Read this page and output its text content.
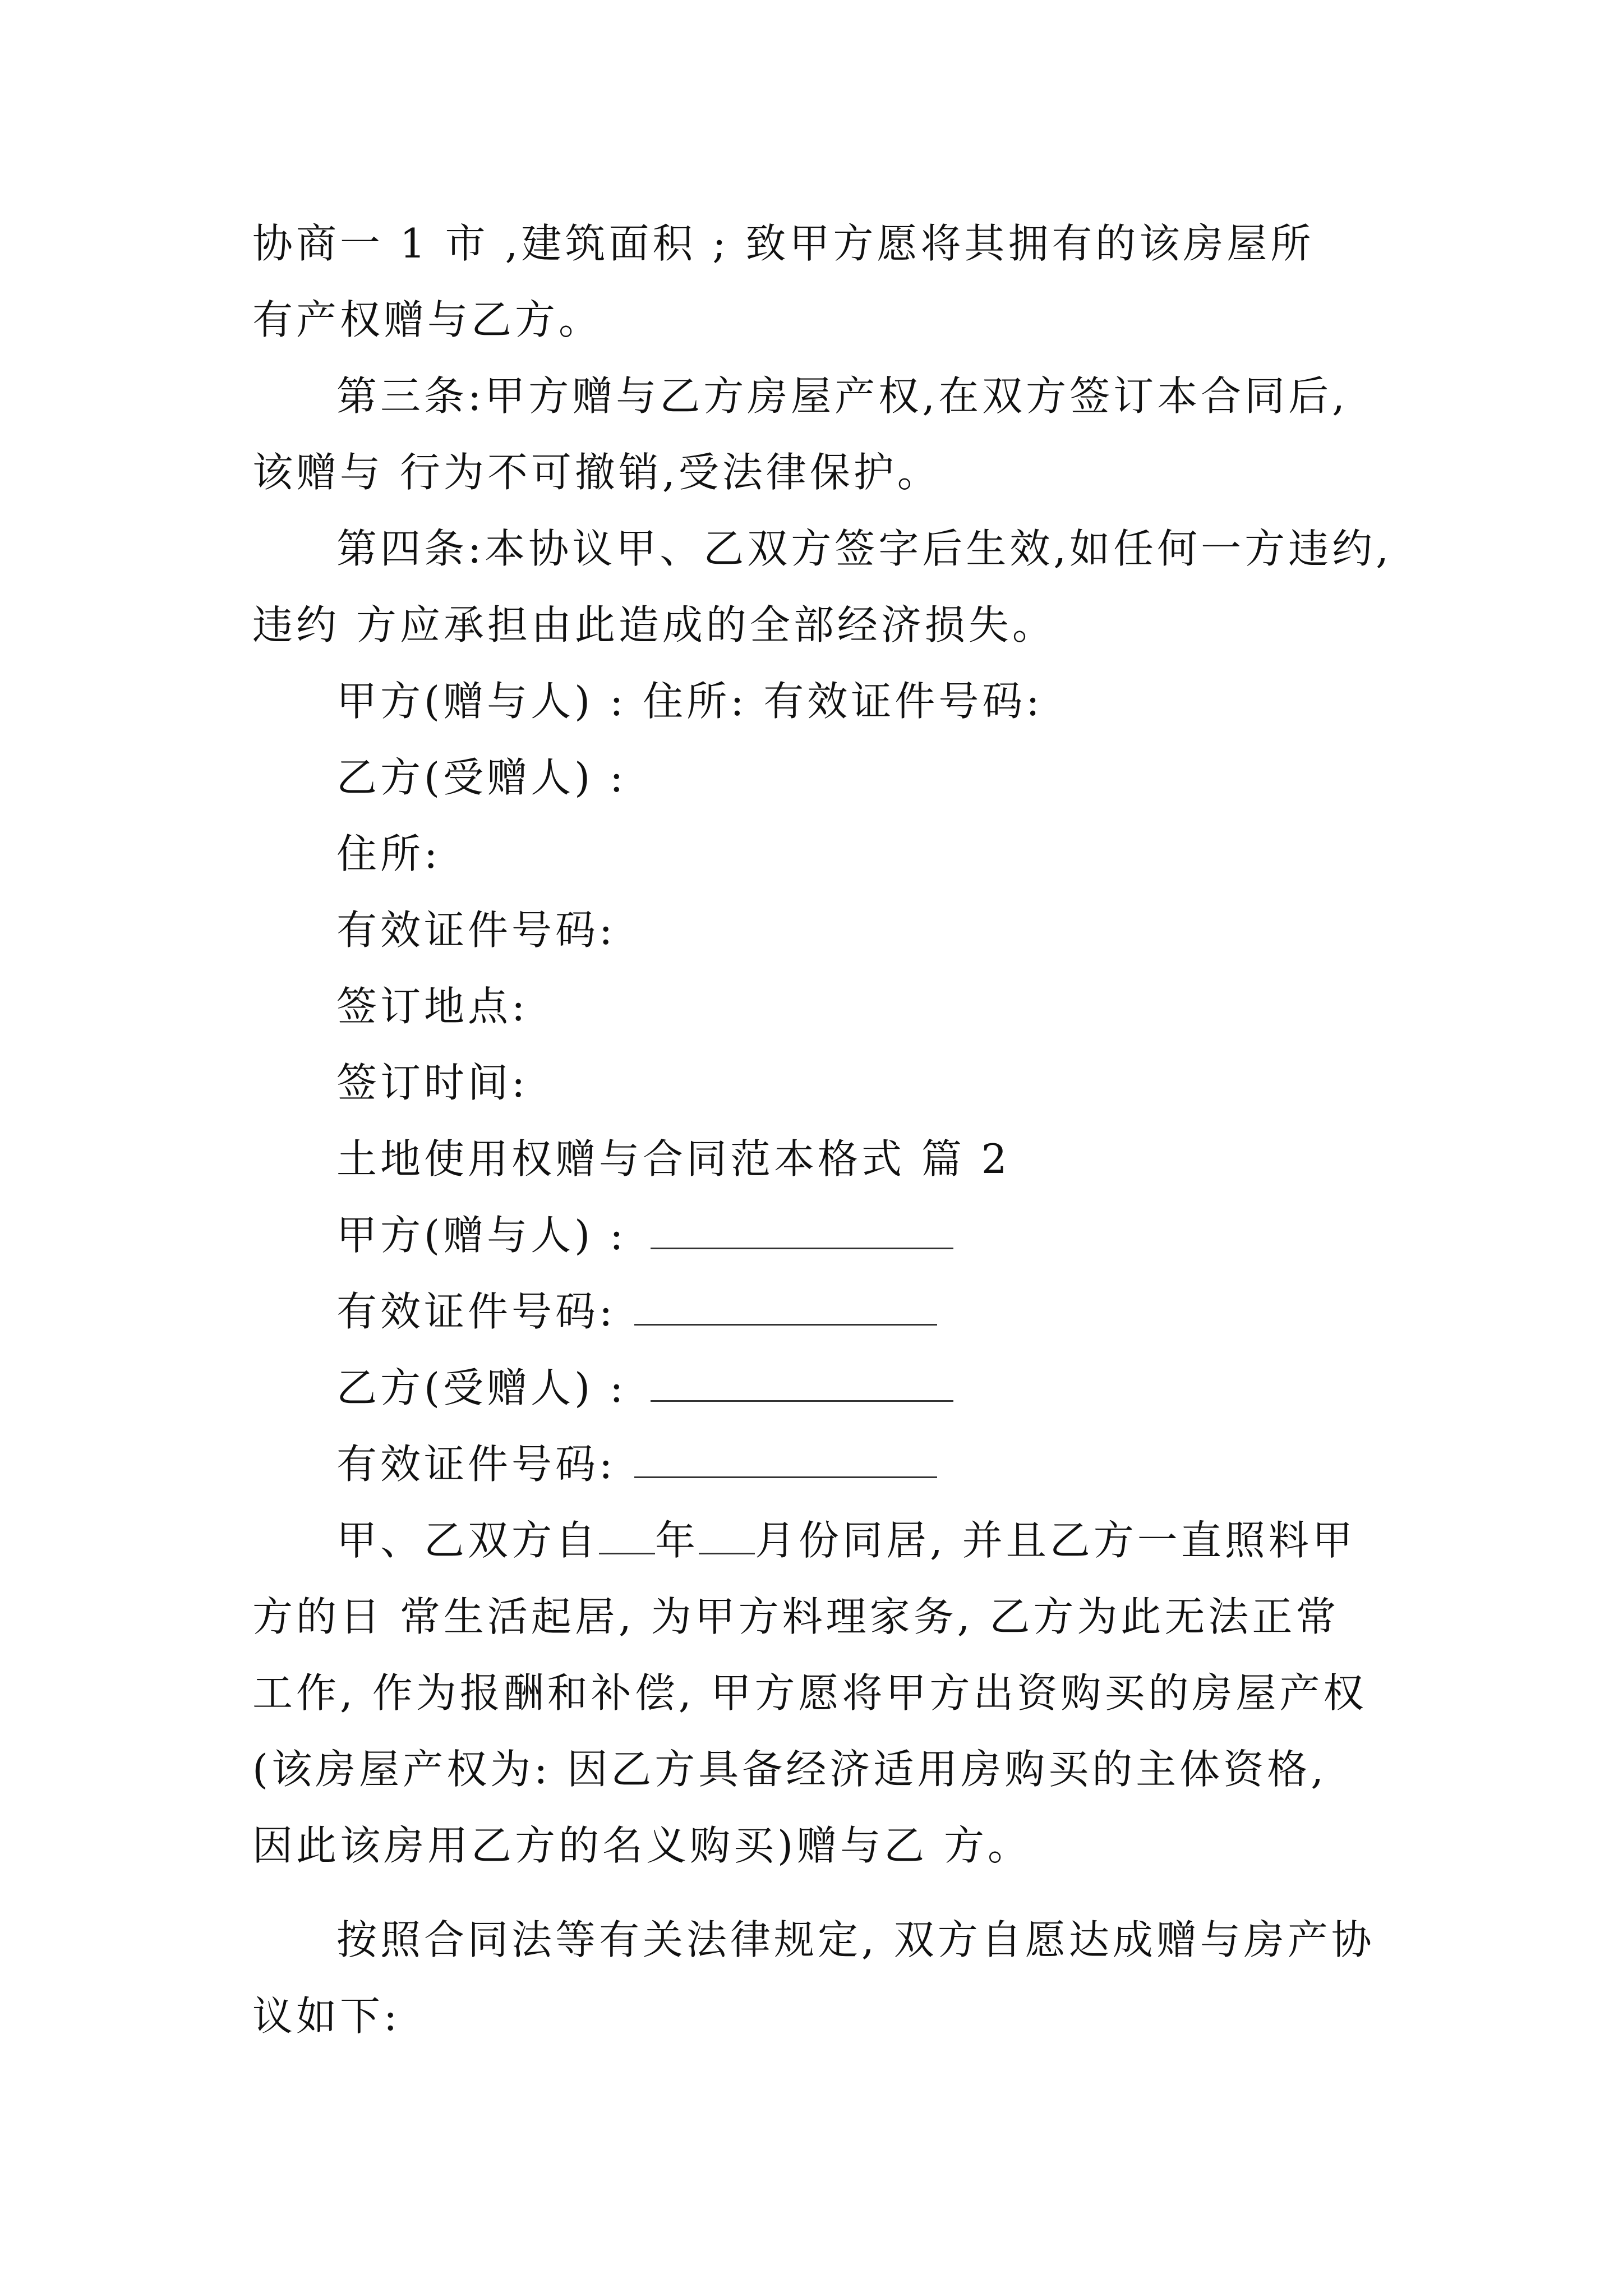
协商一 1 市 ,建筑面积 ; 致甲方愿将其拥有的该房屋所

有产权赠与乙方。

第三条:甲方赠与乙方房屋产权,在双方签订本合同后,

该赠与 行为不可撤销,受法律保护。

第四条:本协议甲、乙双方签字后生效,如任何一方违约,

违约 方应承担由此造成的全部经济损失。

甲方(赠与人) : 住所: 有效证件号码:

乙方(受赠人) :

住所:

有效证件号码:

签订地点:

签订时间:

土地使用权赠与合同范本格式 篇 2

甲方(赠与人) :

有效证件号码:

乙方(受赠人) :

有效证件号码:

甲、乙双方自 年 月份同居, 并且乙方一直照料甲

方的日 常生活起居, 为甲方料理家务, 乙方为此无法正常

工作, 作为报酬和补偿, 甲方愿将甲方出资购买的房屋产权

(该房屋产权为: 因乙方具备经济适用房购买的主体资格,

因此该房用乙方的名义购买)赠与乙 方。

按照合同法等有关法律规定, 双方自愿达成赠与房产协

议如下:
